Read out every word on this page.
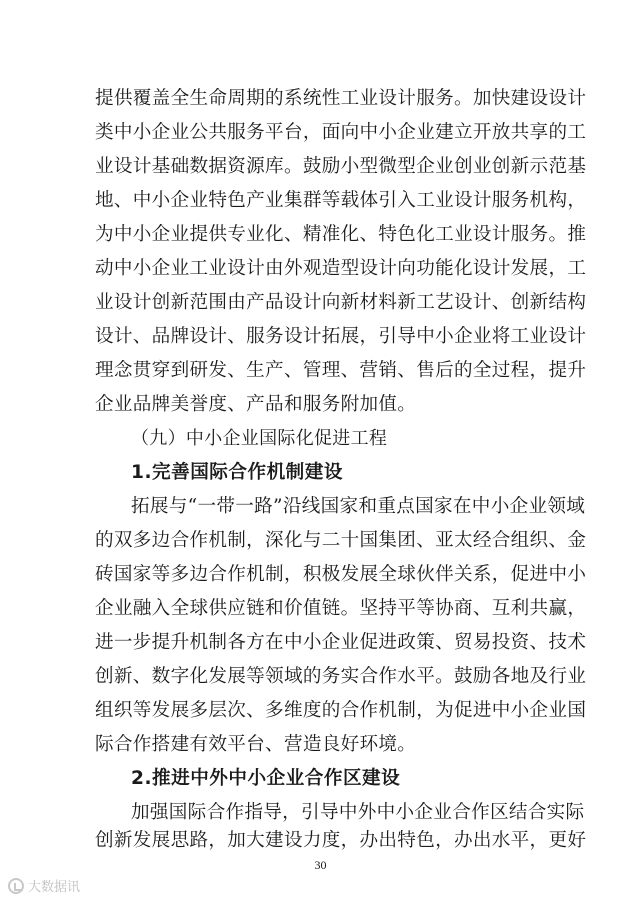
提供覆盖全生命周期的系统性工业设计服务。加快建设设计
类中小企业公共服务平台，面向中小企业建立开放共享的工
业设计基础数据资源库。鼓励小型微型企业创业创新示范基
地、中小企业特色产业集群等载体引入工业设计服务机构，
为中小企业提供专业化、精准化、特色化工业设计服务。推
动中小企业工业设计由外观造型设计向功能化设计发展，工
业设计创新范围由产品设计向新材料新工艺设计、创新结构
设计、品牌设计、服务设计拓展，引导中小企业将工业设计
理念贯穿到研发、生产、管理、营销、售后的全过程，提升
企业品牌美誉度、产品和服务附加值。
（九）中小企业国际化促进工程
1.完善国际合作机制建设
拓展与“一带一路”沿线国家和重点国家在中小企业领域
的双多边合作机制，深化与二十国集团、亚太经合组织、金
砖国家等多边合作机制，积极发展全球伙伴关系，促进中小
企业融入全球供应链和价值链。坚持平等协商、互利共赢，
进一步提升机制各方在中小企业促进政策、贸易投资、技术
创新、数字化发展等领域的务实合作水平。鼓励各地及行业
组织等发展多层次、多维度的合作机制，为促进中小企业国
际合作搭建有效平台、营造良好环境。
2.推进中外中小企业合作区建设
加强国际合作指导，引导中外中小企业合作区结合实际
创新发展思路，加大建设力度，办出特色，办出水平，更好
30
大数据讯
